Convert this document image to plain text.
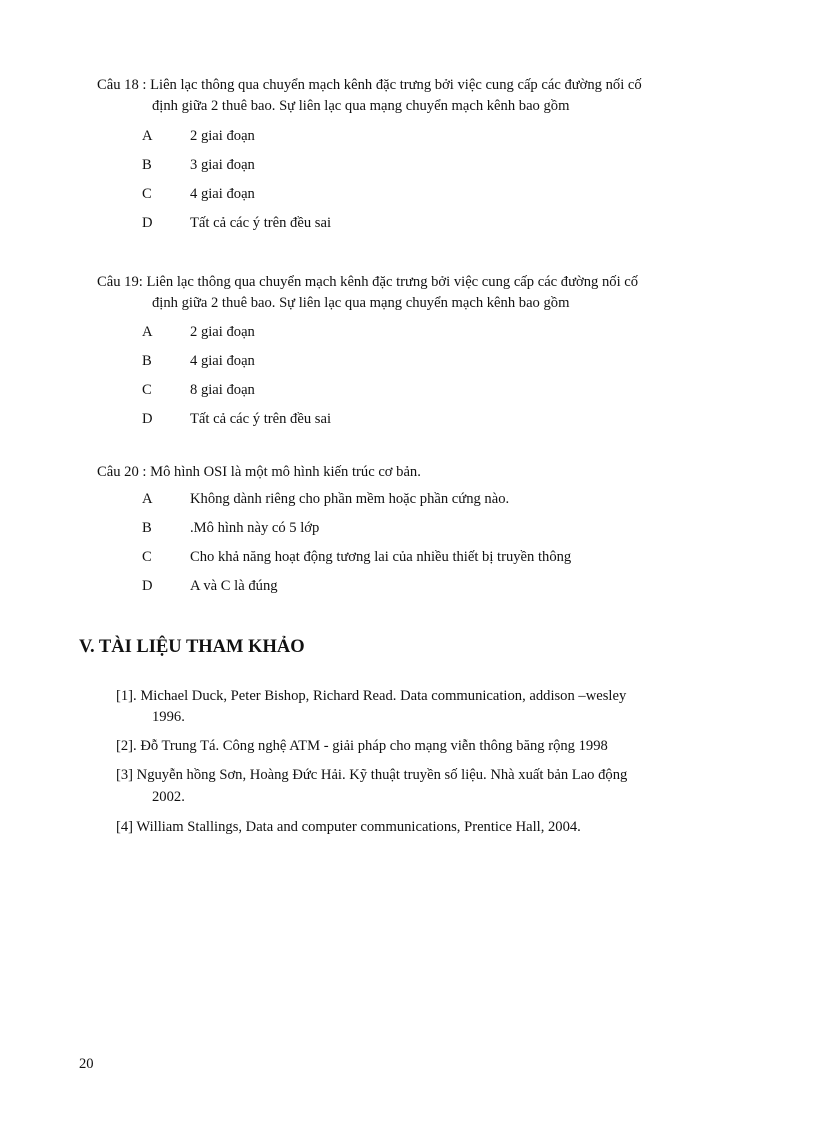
Câu 18 : Liên lạc thông qua chuyển mạch kênh đặc trưng bởi việc cung cấp các đường nối cố
định giữa 2 thuê bao. Sự liên lạc qua mạng chuyển mạch kênh bao gồm
A	2 giai đoạn
B	3 giai đoạn
C	4 giai đoạn
D	Tất cả các ý trên đều sai
Câu 19: Liên lạc thông qua chuyển mạch kênh đặc trưng bởi việc cung cấp các đường nối cố
định giữa 2 thuê bao. Sự liên lạc qua mạng chuyển mạch kênh bao gồm
A	2 giai đoạn
B	4 giai đoạn
C	8 giai đoạn
D	Tất cả các ý trên đều sai
Câu 20 : Mô hình OSI là một mô hình kiến trúc cơ bản.
A	Không dành riêng cho phần mềm hoặc phần cứng nào.
B	.Mô hình này có 5 lớp
C	Cho khả năng hoạt động tương lai của nhiều thiết bị truyền thông
D	A và C là đúng
V. TÀI LIỆU THAM KHẢO
[1]. Michael Duck, Peter Bishop, Richard Read. Data communication, addison –wesley
1996.
[2]. Đỗ Trung Tá. Công nghệ ATM - giải pháp cho mạng viễn thông băng rộng 1998
[3] Nguyễn hồng Sơn, Hoàng Đức Hải. Kỹ thuật truyền số liệu. Nhà xuất bản Lao động
2002.
[4] William Stallings, Data and computer communications, Prentice Hall, 2004.
20
